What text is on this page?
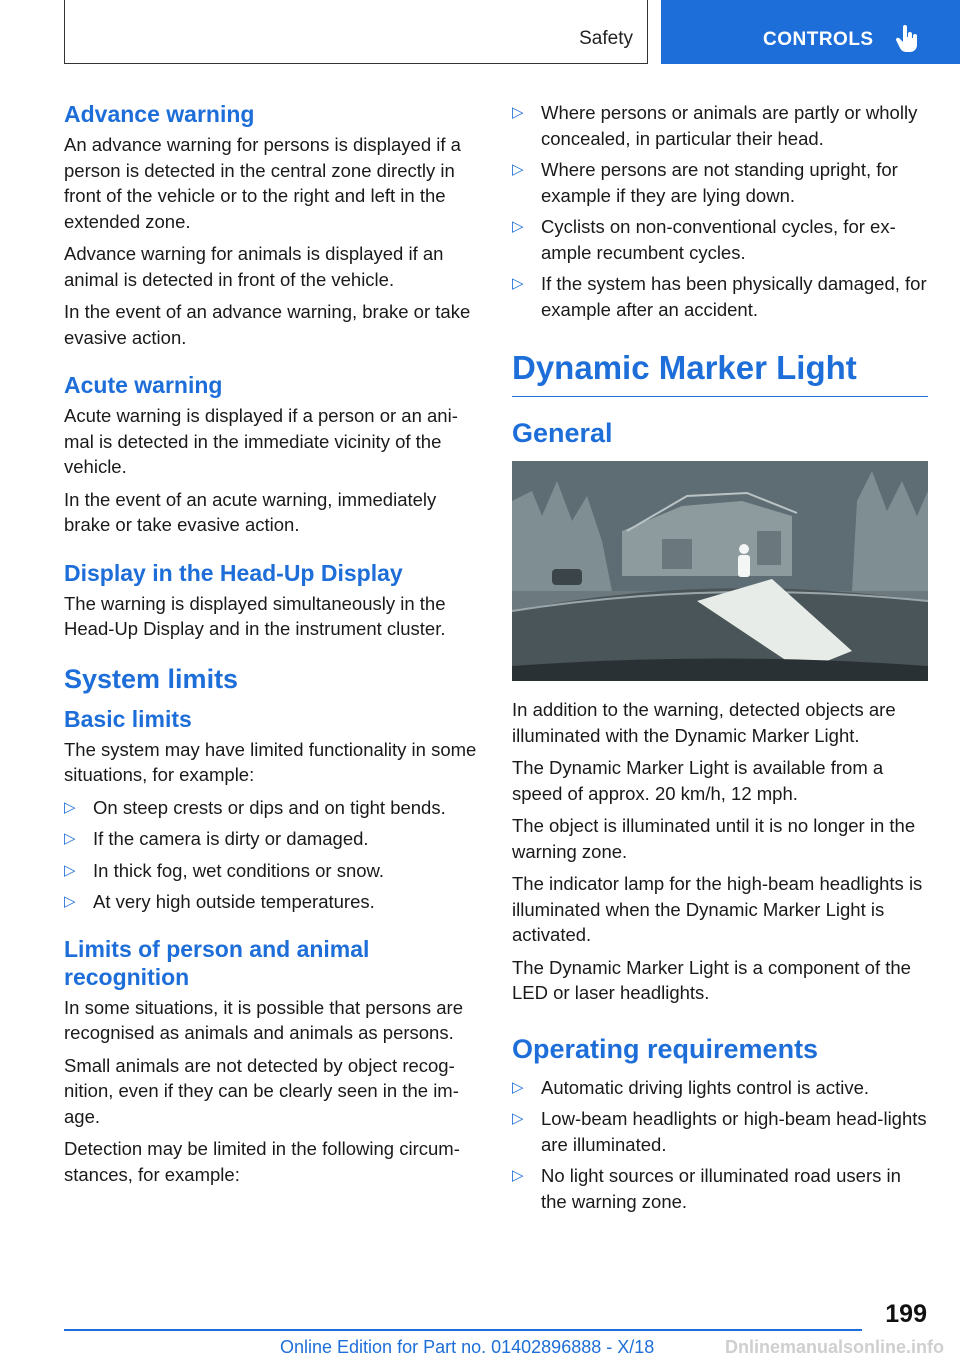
Safety	CONTROLS
Advance warning

An advance warning for persons is displayed if a person is detected in the central zone directly in front of the vehicle or to the right and left in the extended zone.

Advance warning for animals is displayed if an animal is detected in front of the vehicle.

In the event of an advance warning, brake or take evasive action.

Acute warning

Acute warning is displayed if a person or an ani-mal is detected in the immediate vicinity of the vehicle.

In the event of an acute warning, immediately brake or take evasive action.

Display in the Head-Up Display

The warning is displayed simultaneously in the Head-Up Display and in the instrument cluster.

System limits
Basic limits

The system may have limited functionality in some situations, for example:

▷ On steep crests or dips and on tight bends.
▷ If the camera is dirty or damaged.
▷ In thick fog, wet conditions or snow.
▷ At very high outside temperatures.
Limits of person and animal recognition

In some situations, it is possible that persons are recognised as animals and animals as persons.

Small animals are not detected by object recog-nition, even if they can be clearly seen in the im-age.

Detection may be limited in the following circum-stances, for example:

▷ Where persons or animals are partly or wholly concealed, in particular their head.
▷ Where persons are not standing upright, for example if they are lying down.
▷ Cyclists on non-conventional cycles, for ex-ample recumbent cycles.
▷ If the system has been physically damaged, for example after an accident.
Dynamic Marker Light
General

In addition to the warning, detected objects are illuminated with the Dynamic Marker Light.

The Dynamic Marker Light is available from a speed of approx. 20 km/h, 12 mph.

The object is illuminated until it is no longer in the warning zone.

The indicator lamp for the high-beam headlights is illuminated when the Dynamic Marker Light is activated.

The Dynamic Marker Light is a component of the LED or laser headlights.

Operating requirements
▷ Automatic driving lights control is active.
▷ Low-beam headlights or high-beam head-lights are illuminated.
▷ No light sources or illuminated road users in the warning zone.
199
Online Edition for Part no. 01402896888 - X/18	Dnlinemanualsonline.info
